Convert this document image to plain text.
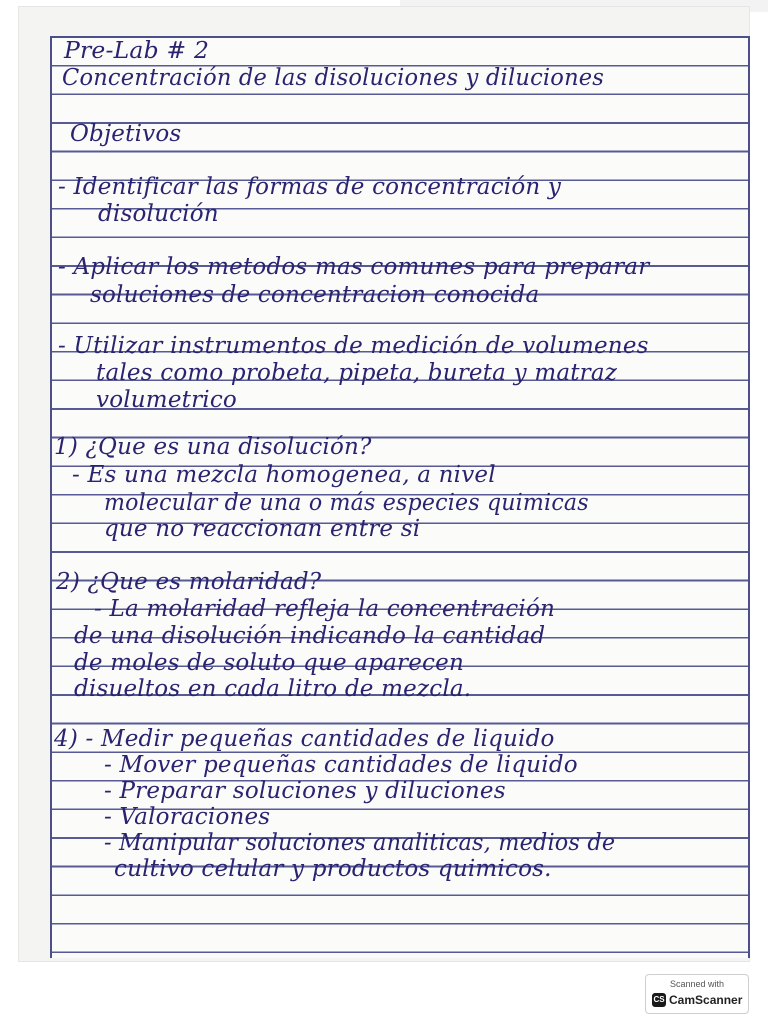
Pre-Lab # 2
Concentración de las disoluciones y diluciones
Objetivos
- Identificar las formas de concentración y
disolución
- Aplicar los metodos mas comunes para preparar
soluciones de concentracion conocida
- Utilizar instrumentos de medición de volumenes
tales como probeta, pipeta, bureta y matraz
volumetrico
1) ¿Que es una disolución?
- Es una mezcla homogenea, a nivel
molecular de una o más especies quimicas
que no reaccionan entre si
2) ¿Que es molaridad?
- La molaridad refleja la concentración
de una disolución indicando la cantidad
de moles de soluto que aparecen
disueltos en cada litro de mezcla.
4) - Medir pequeñas cantidades de liquido
- Mover pequeñas cantidades de liquido
- Preparar soluciones y diluciones
- Valoraciones
- Manipular soluciones analiticas, medios de
cultivo celular y productos quimicos.
Scanned with
CS CamScanner
